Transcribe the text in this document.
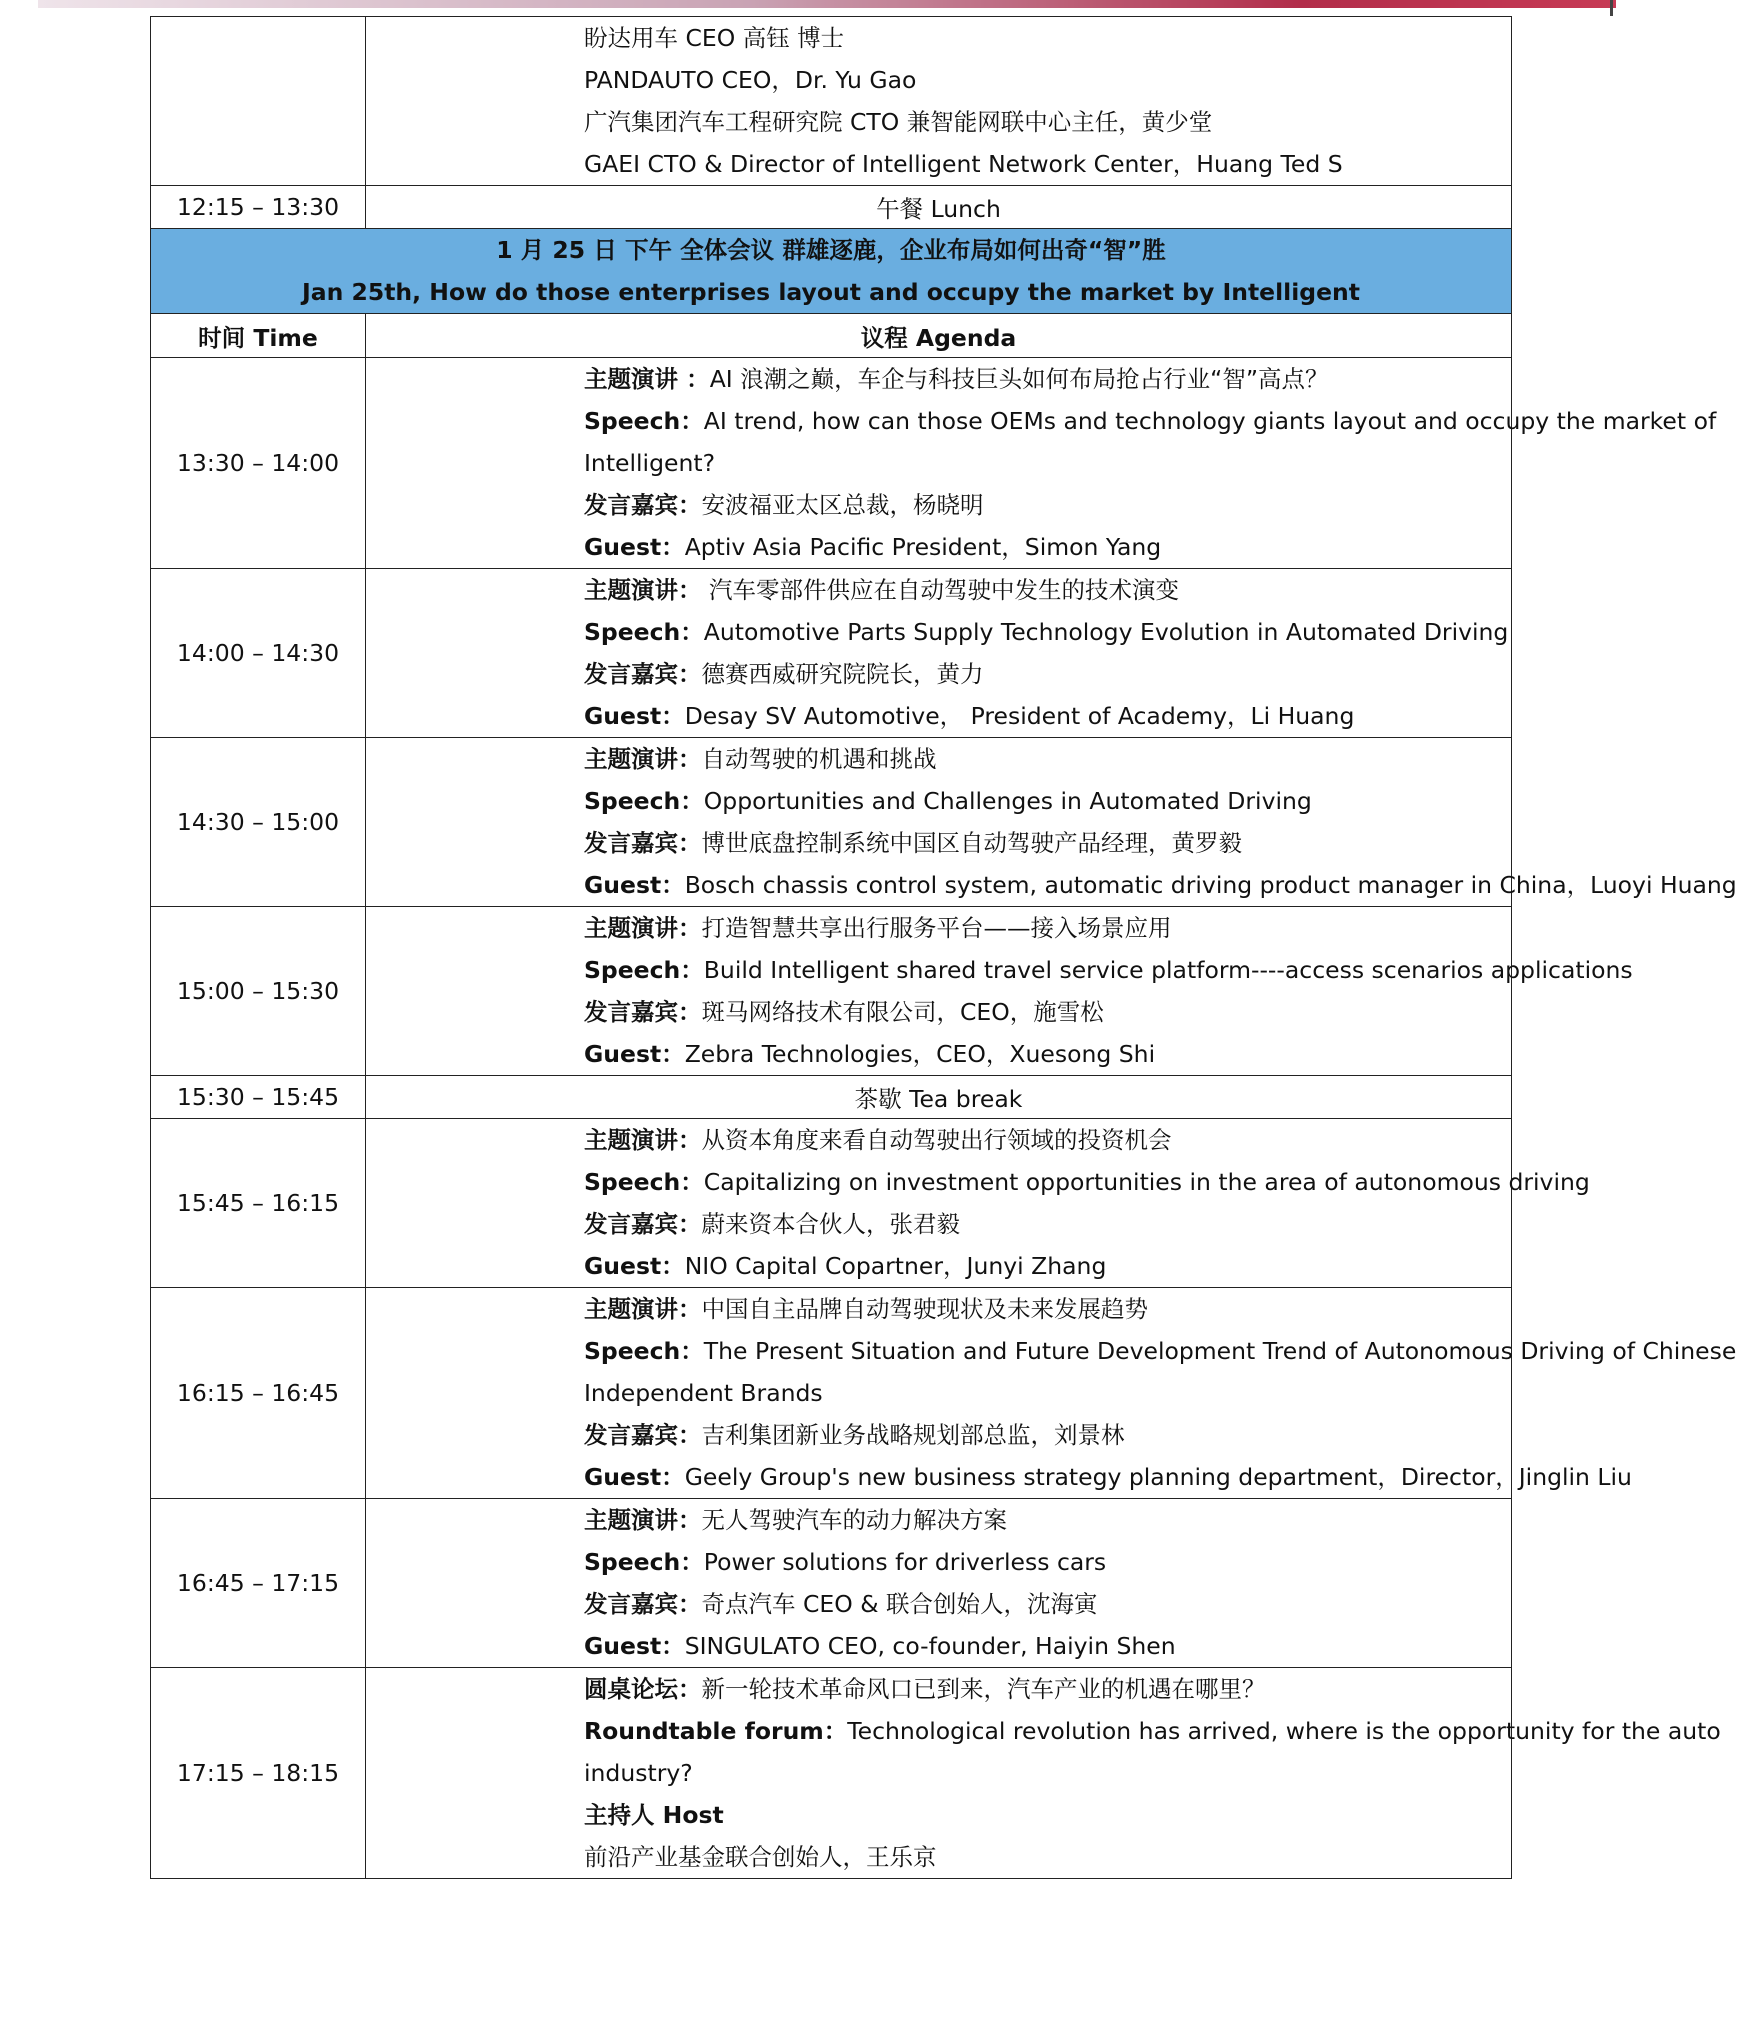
	盼达用车 CEO 高钰 博士
PANDAUTO CEO，Dr. Yu Gao
广汽集团汽车工程研究院 CTO 兼智能网联中心主任，黄少堂
GAEI CTO & Director of Intelligent Network Center，Huang Ted S

12:15 – 13:30	午餐 Lunch

1 月 25 日 下午 全体会议 群雄逐鹿，企业布局如何出奇“智”胜
Jan 25th, How do those enterprises layout and occupy the market by Intelligent	

时间 Time	议程 Agenda
13:30 – 14:00	主题演讲 ：AI 浪潮之巅，车企与科技巨头如何布局抢占行业“智”高点？
Speech：AI trend, how can those OEMs and technology giants layout and occupy the market of
Intelligent?
发言嘉宾：安波福亚太区总裁，杨晓明
Guest：Aptiv Asia Pacific President，Simon Yang

14:00 – 14:30	主题演讲： 汽车零部件供应在自动驾驶中发生的技术演变
Speech：Automotive Parts Supply Technology Evolution in Automated Driving
发言嘉宾：德赛西威研究院院长，黄力
Guest：Desay SV Automotive， President of Academy，Li Huang

14:30 – 15:00	主题演讲：自动驾驶的机遇和挑战
Speech：Opportunities and Challenges in Automated Driving
发言嘉宾：博世底盘控制系统中国区自动驾驶产品经理，黄罗毅
Guest：Bosch chassis control system, automatic driving product manager in China，Luoyi Huang

15:00 – 15:30	主题演讲：打造智慧共享出行服务平台——接入场景应用
Speech：Build Intelligent shared travel service platform----access scenarios applications
发言嘉宾：斑马网络技术有限公司，CEO，施雪松
Guest：Zebra Technologies，CEO，Xuesong Shi

15:30 – 15:45	茶歇 Tea break
15:45 – 16:15	主题演讲：从资本角度来看自动驾驶出行领域的投资机会
Speech：Capitalizing on investment opportunities in the area of autonomous driving
发言嘉宾：蔚来资本合伙人，张君毅
Guest：NIO Capital Copartner，Junyi Zhang

16:15 – 16:45	主题演讲：中国自主品牌自动驾驶现状及未来发展趋势
Speech：The Present Situation and Future Development Trend of Autonomous Driving of Chinese
Independent Brands
发言嘉宾：吉利集团新业务战略规划部总监，刘景林
Guest：Geely Group's new business strategy planning department，Director，Jinglin Liu

16:45 – 17:15	主题演讲：无人驾驶汽车的动力解决方案
Speech：Power solutions for driverless cars
发言嘉宾：奇点汽车 CEO & 联合创始人，沈海寅
Guest：SINGULATO CEO, co-founder, Haiyin Shen

17:15 – 18:15	圆桌论坛：新一轮技术革命风口已到来，汽车产业的机遇在哪里？
Roundtable forum：Technological revolution has arrived, where is the opportunity for the auto
industry?
主持人 Host
前沿产业基金联合创始人，王乐京
